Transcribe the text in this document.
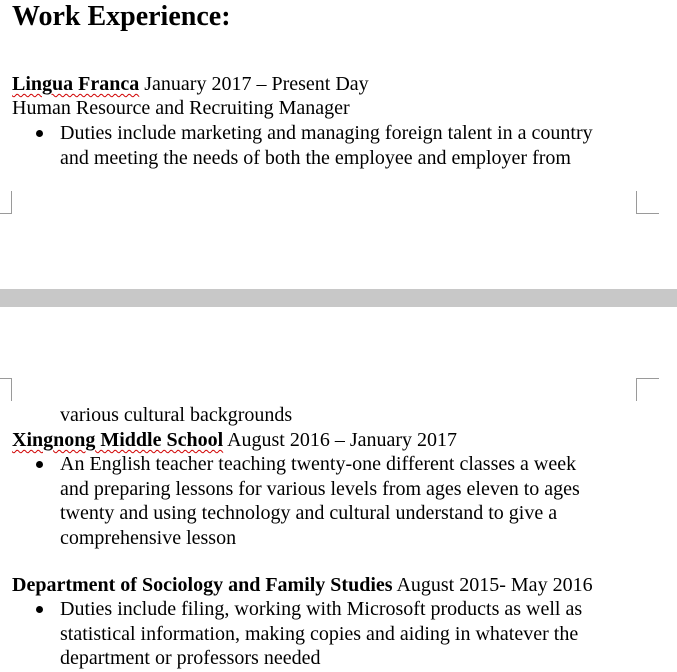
Work Experience:
Lingua Franca January 2017 – Present Day
Human Resource and Recruiting Manager
Duties include marketing and managing foreign talent in a country
and meeting the needs of both the employee and employer from
various cultural backgrounds
Xingnong Middle School August 2016 – January 2017
An English teacher teaching twenty-one different classes a week
and preparing lessons for various levels from ages eleven to ages
twenty and using technology and cultural understand to give a
comprehensive lesson
Department of Sociology and Family Studies August 2015- May 2016
Duties include filing, working with Microsoft products as well as
statistical information, making copies and aiding in whatever the
department or professors needed
